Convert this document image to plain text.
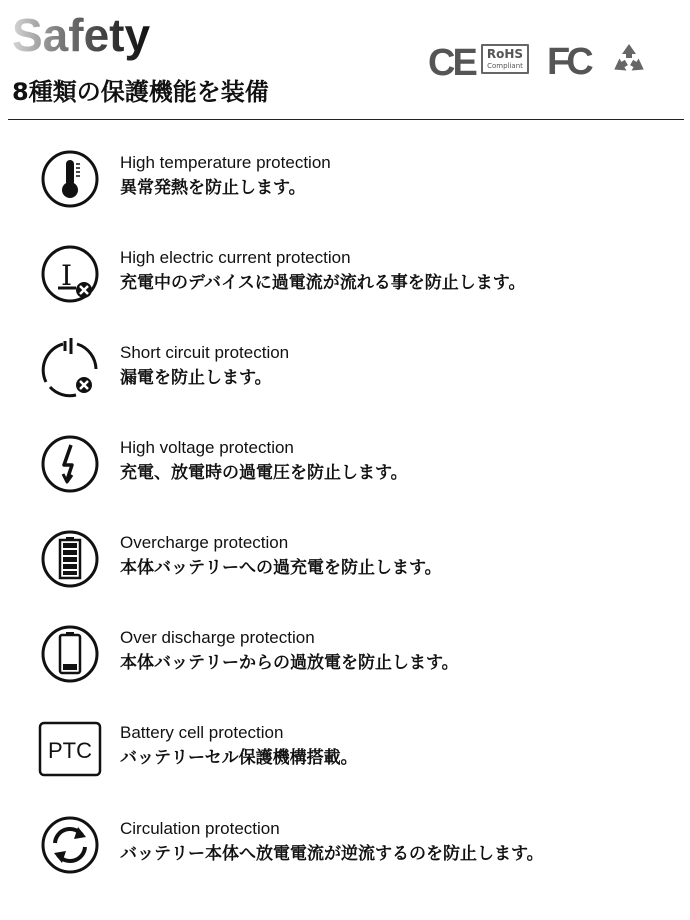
Safety
8種類の保護機能を装備
CE	RoHS
Compliant FC
High temperature protection
異常発熱を防止します。
I
High electric current protection
充電中のデバイスに過電流が流れる事を防止します。
Short circuit protection
漏電を防止します。
High voltage protection
充電、放電時の過電圧を防止します。
Overcharge protection
本体バッテリーへの過充電を防止します。
Over discharge protection
本体バッテリーからの過放電を防止します。
PTC
Battery cell protection
バッテリーセル保護機構搭載。
Circulation protection
バッテリー本体へ放電電流が逆流するのを防止します。
